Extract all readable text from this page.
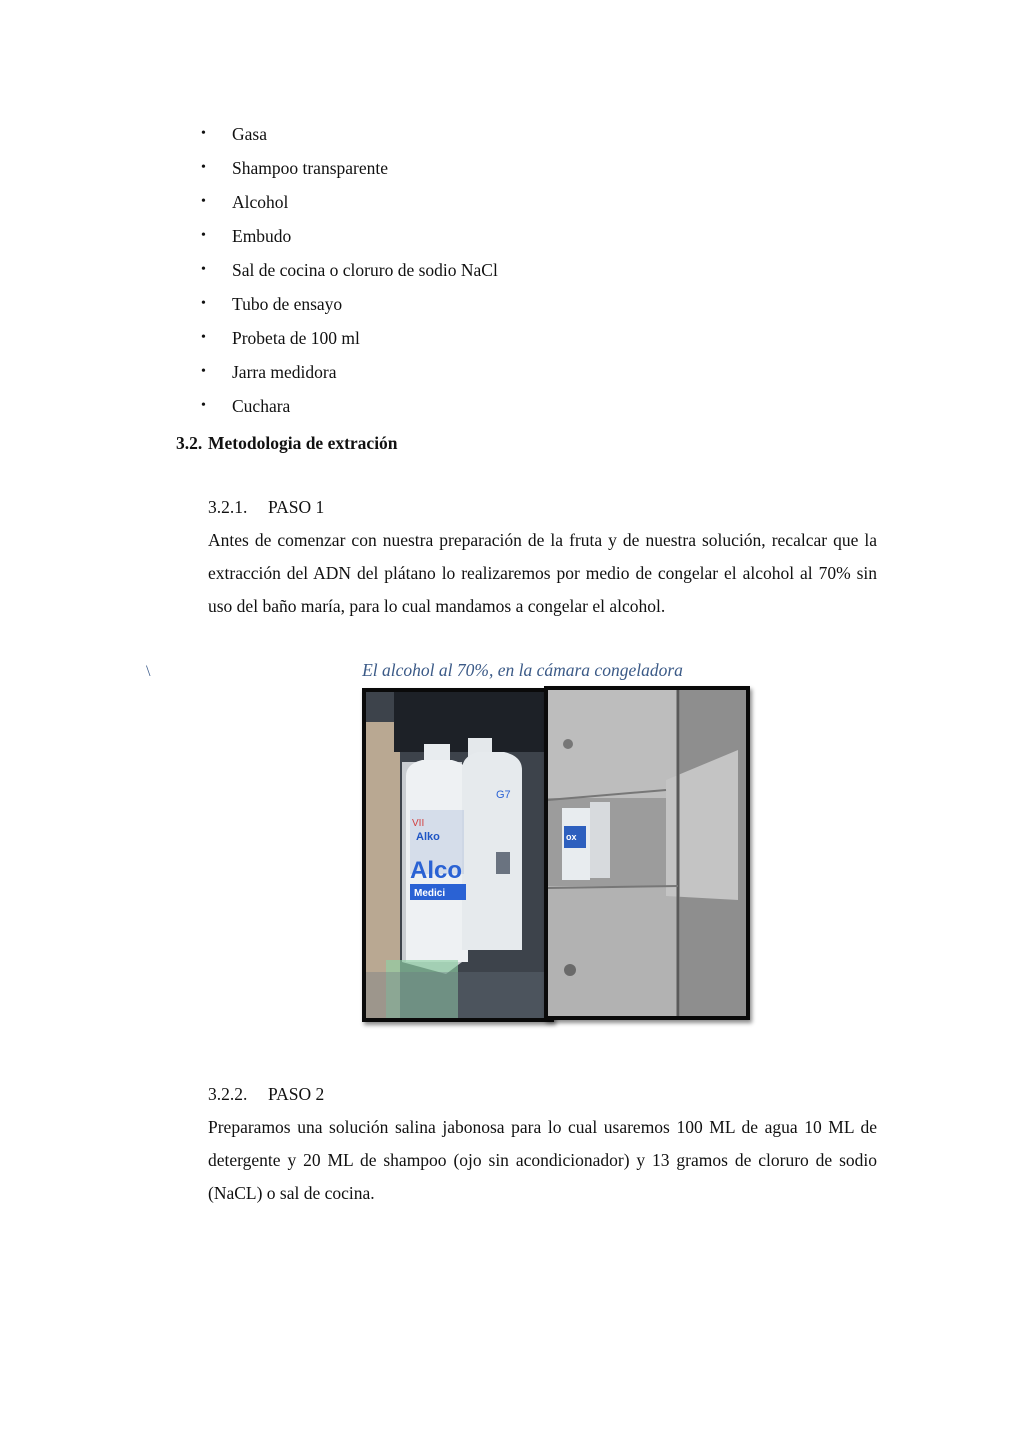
• Gasa
• Shampoo transparente
• Alcohol
• Embudo
• Sal de cocina o cloruro de sodio NaCl
• Tubo de ensayo
• Probeta de 100 ml
• Jarra medidora
• Cuchara
3.2. Metodologia de extración
3.2.1. PASO 1

Antes de comenzar con nuestra preparación de la fruta y de nuestra solución, recalcar que la extracción del ADN del plátano lo realizaremos por medio de congelar el alcohol al 70% sin uso del baño maría, para lo cual mandamos a congelar el alcohol.

\	El alcohol al 70%, en la cámara congeladora
VII
Alko
Alco
Medici
G7
ox
3.2.2. PASO 2

Preparamos una solución salina jabonosa para lo cual usaremos 100 ML de agua 10 ML de detergente y 20 ML de shampoo (ojo sin acondicionador) y 13 gramos de cloruro de sodio (NaCL) o sal de cocina.
